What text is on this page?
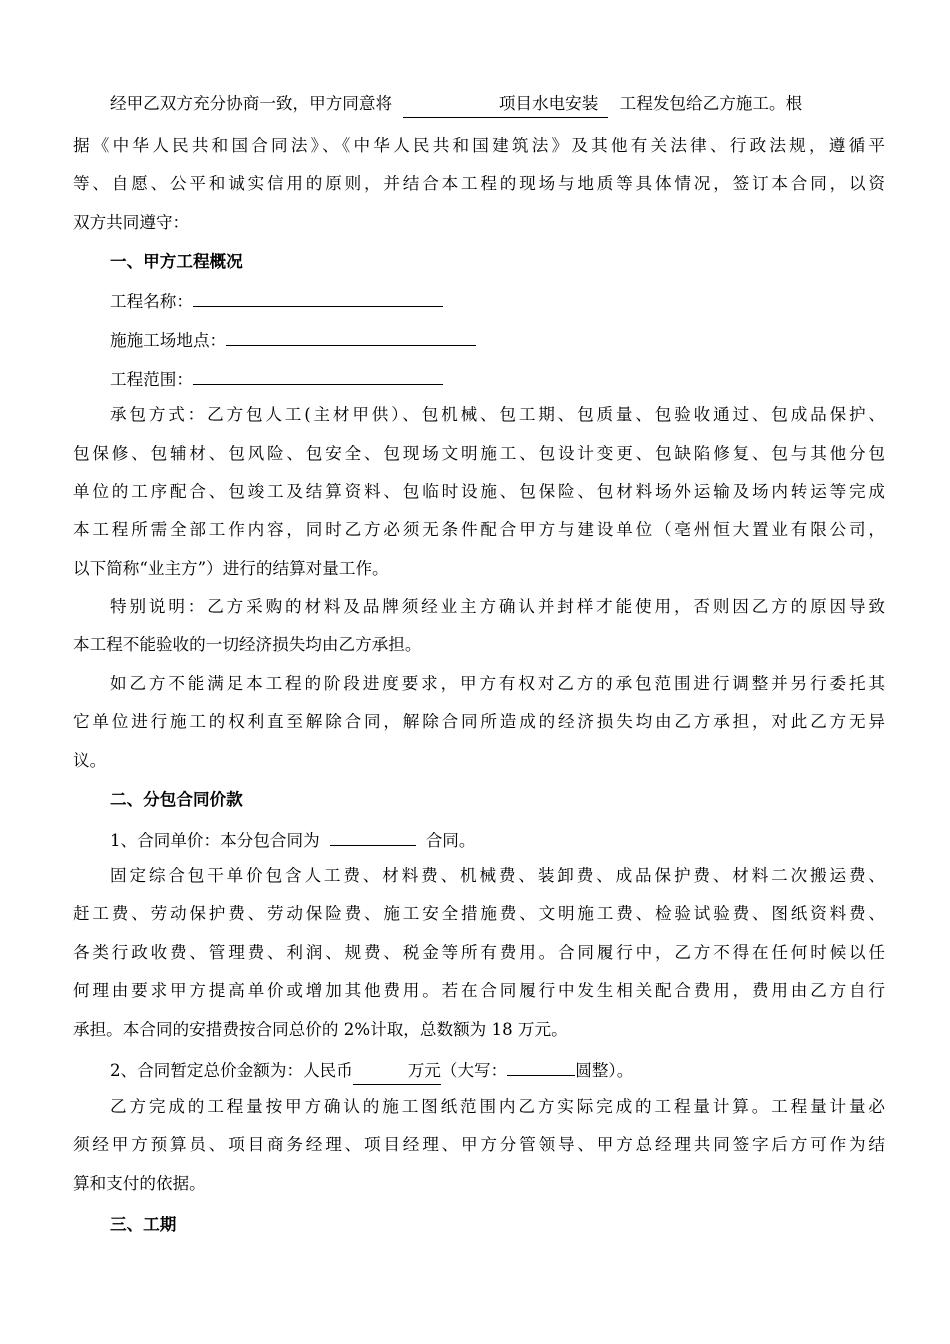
经甲乙双方充分协商一致，甲方同意将	项目水电安装 工程发包给乙方施工。根
据《中华人民共和国合同法》、《中华人民共和国建筑法》及其他有关法律、行政法规，遵循平
等、自愿、公平和诚实信用的原则，并结合本工程的现场与地质等具体情况，签订本合同，以资
双方共同遵守：
一、甲方工程概况
工程名称：
施施工场地点：
工程范围：
承包方式：乙方包人工(主材甲供）、包机械、包工期、包质量、包验收通过、包成品保护、
包保修、包辅材、包风险、包安全、包现场文明施工、包设计变更、包缺陷修复、包与其他分包
单位的工序配合、包竣工及结算资料、包临时设施、包保险、包材料场外运输及场内转运等完成
本工程所需全部工作内容，同时乙方必须无条件配合甲方与建设单位（亳州恒大置业有限公司，
以下简称“业主方”）进行的结算对量工作。
特别说明：乙方采购的材料及品牌须经业主方确认并封样才能使用，否则因乙方的原因导致
本工程不能验收的一切经济损失均由乙方承担。
如乙方不能满足本工程的阶段进度要求，甲方有权对乙方的承包范围进行调整并另行委托其
它单位进行施工的权利直至解除合同，解除合同所造成的经济损失均由乙方承担，对此乙方无异
议。
二、分包合同价款
1、合同单价：本分包合同为	合同。
固定综合包干单价包含人工费、材料费、机械费、装卸费、成品保护费、材料二次搬运费、
赶工费、劳动保护费、劳动保险费、施工安全措施费、文明施工费、检验试验费、图纸资料费、
各类行政收费、管理费、利润、规费、税金等所有费用。合同履行中，乙方不得在任何时候以任
何理由要求甲方提高单价或增加其他费用。若在合同履行中发生相关配合费用，费用由乙方自行
承担。本合同的安措费按合同总价的 2%计取，总数额为 18 万元。
2、合同暂定总价金额为：人民币	万元（大写：	圆整）。
乙方完成的工程量按甲方确认的施工图纸范围内乙方实际完成的工程量计算。工程量计量必
须经甲方预算员、项目商务经理、项目经理、甲方分管领导、甲方总经理共同签字后方可作为结
算和支付的依据。
三、工期
